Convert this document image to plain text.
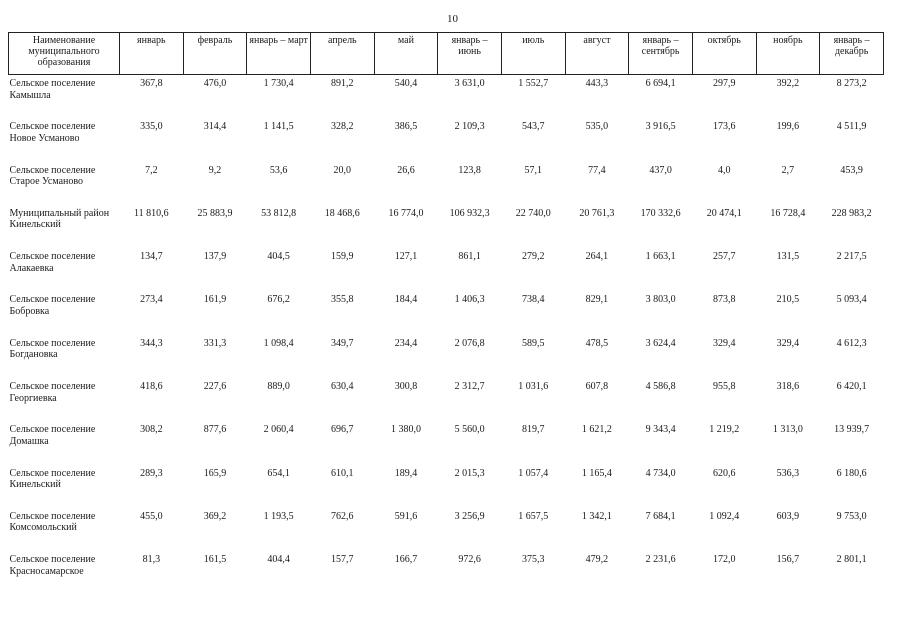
10
Наименование муниципального образования	январь	февраль	январь – март	апрель	май	январь – июнь	июль	август	январь – сентябрь	октябрь	ноябрь	январь – декабрь
Сельское поселение Камышла	367,8	476,0	1 730,4	891,2	540,4	3 631,0	1 552,7	443,3	6 694,1	297,9	392,2	8 273,2
Сельское поселение Новое Усманово	335,0	314,4	1 141,5	328,2	386,5	2 109,3	543,7	535,0	3 916,5	173,6	199,6	4 511,9
Сельское поселение Старое Усманово	7,2	9,2	53,6	20,0	26,6	123,8	57,1	77,4	437,0	4,0	2,7	453,9
Муниципальный район Кинельский	11 810,6	25 883,9	53 812,8	18 468,6	16 774,0	106 932,3	22 740,0	20 761,3	170 332,6	20 474,1	16 728,4	228 983,2
Сельское поселение Алакаевка	134,7	137,9	404,5	159,9	127,1	861,1	279,2	264,1	1 663,1	257,7	131,5	2 217,5
Сельское поселение Бобровка	273,4	161,9	676,2	355,8	184,4	1 406,3	738,4	829,1	3 803,0	873,8	210,5	5 093,4
Сельское поселение Богдановка	344,3	331,3	1 098,4	349,7	234,4	2 076,8	589,5	478,5	3 624,4	329,4	329,4	4 612,3
Сельское поселение Георгиевка	418,6	227,6	889,0	630,4	300,8	2 312,7	1 031,6	607,8	4 586,8	955,8	318,6	6 420,1
Сельское поселение Домашка	308,2	877,6	2 060,4	696,7	1 380,0	5 560,0	819,7	1 621,2	9 343,4	1 219,2	1 313,0	13 939,7
Сельское поселение Кинельский	289,3	165,9	654,1	610,1	189,4	2 015,3	1 057,4	1 165,4	4 734,0	620,6	536,3	6 180,6
Сельское поселение Комсомольский	455,0	369,2	1 193,5	762,6	591,6	3 256,9	1 657,5	1 342,1	7 684,1	1 092,4	603,9	9 753,0
Сельское поселение Красносамарское	81,3	161,5	404,4	157,7	166,7	972,6	375,3	479,2	2 231,6	172,0	156,7	2 801,1
